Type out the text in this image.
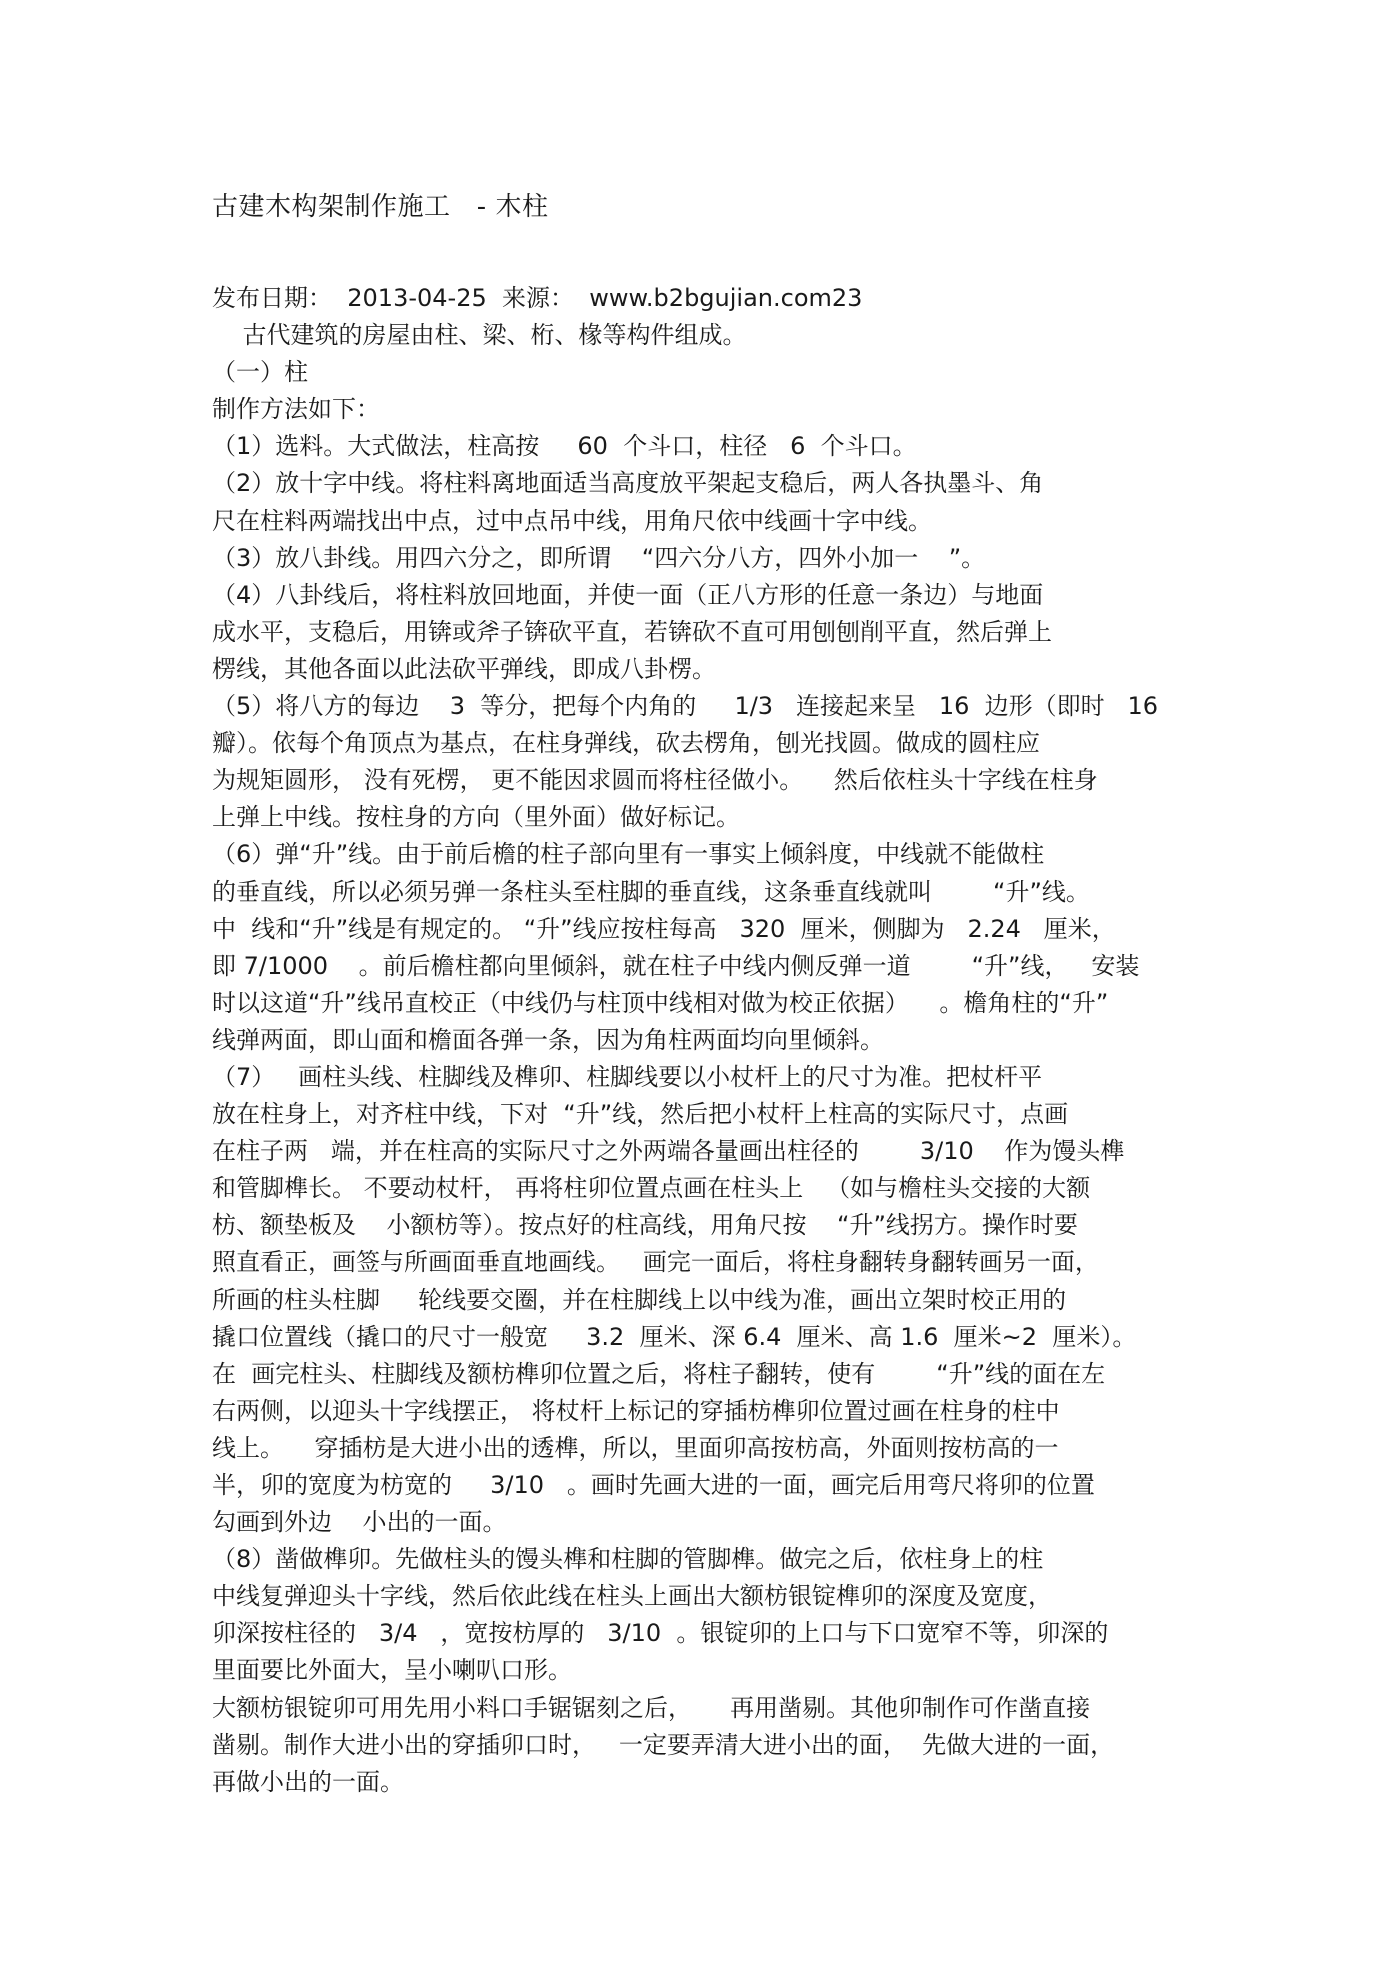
古建木构架制作施工   - 木柱
发布日期：  2013-04-25  来源：  www.b2bgujian.com23
古代建筑的房屋由柱、梁、桁、椽等构件组成。
（一）柱
制作方法如下：
（1）选料。大式做法，柱高按     60  个斗口，柱径   6  个斗口。
（2）放十字中线。将柱料离地面适当高度放平架起支稳后，两人各执墨斗、角
尺在柱料两端找出中点，过中点吊中线，用角尺依中线画十字中线。
（3）放八卦线。用四六分之，即所谓    “四六分八方，四外小加一    ”。
（4）八卦线后，将柱料放回地面，并使一面（正八方形的任意一条边）与地面
成水平，支稳后，用锛或斧子锛砍平直，若锛砍不直可用刨刨削平直，然后弹上
楞线，其他各面以此法砍平弹线，即成八卦楞。
（5）将八方的每边    3  等分，把每个内角的     1/3   连接起来呈   16  边形（即时   16
瓣）。依每个角顶点为基点，在柱身弹线，砍去楞角，刨光找圆。做成的圆柱应
为规矩圆形， 没有死楞， 更不能因求圆而将柱径做小。    然后依柱头十字线在柱身
上弹上中线。按柱身的方向（里外面）做好标记。
（6）弹“升”线。由于前后檐的柱子部向里有一事实上倾斜度，中线就不能做柱
的垂直线，所以必须另弹一条柱头至柱脚的垂直线，这条垂直线就叫        “升”线。
中  线和“升”线是有规定的。 “升”线应按柱每高   320  厘米，侧脚为   2.24   厘米，
即 7/1000    。前后檐柱都向里倾斜，就在柱子中线内侧反弹一道        “升”线，   安装
时以这道“升”线吊直校正（中线仍与柱顶中线相对做为校正依据）    。檐角柱的“升”
线弹两面，即山面和檐面各弹一条，因为角柱两面均向里倾斜。
（7）   画柱头线、柱脚线及榫卯、柱脚线要以小杖杆上的尺寸为准。把杖杆平
放在柱身上，对齐柱中线，下对  “升”线，然后把小杖杆上柱高的实际尺寸，点画
在柱子两   端，并在柱高的实际尺寸之外两端各量画出柱径的        3/10    作为馒头榫
和管脚榫长。 不要动杖杆， 再将柱卯位置点画在柱头上   （如与檐柱头交接的大额
枋、额垫板及    小额枋等）。按点好的柱高线，用角尺按    “升”线拐方。操作时要
照直看正，画签与所画面垂直地画线。   画完一面后，将柱身翻转身翻转画另一面，
所画的柱头柱脚     轮线要交圈，并在柱脚线上以中线为准，画出立架时校正用的
撬口位置线（撬口的尺寸一般宽     3.2  厘米、深 6.4  厘米、高 1.6  厘米~2  厘米）。
在  画完柱头、柱脚线及额枋榫卯位置之后，将柱子翻转，使有        “升”线的面在左
右两侧，以迎头十字线摆正， 将杖杆上标记的穿插枋榫卯位置过画在柱身的柱中
线上。    穿插枋是大进小出的透榫，所以，里面卯高按枋高，外面则按枋高的一
半，卯的宽度为枋宽的     3/10   。画时先画大进的一面，画完后用弯尺将卯的位置
勾画到外边    小出的一面。
（8）凿做榫卯。先做柱头的馒头榫和柱脚的管脚榫。做完之后，依柱身上的柱
中线复弹迎头十字线，然后依此线在柱头上画出大额枋银锭榫卯的深度及宽度，
卯深按柱径的   3/4   ，宽按枋厚的   3/10  。银锭卯的上口与下口宽窄不等，卯深的
里面要比外面大，呈小喇叭口形。
大额枋银锭卯可用先用小料口手锯锯刻之后，     再用凿剔。其他卯制作可作凿直接
凿剔。制作大进小出的穿插卯口时，   一定要弄清大进小出的面，  先做大进的一面，
再做小出的一面。
